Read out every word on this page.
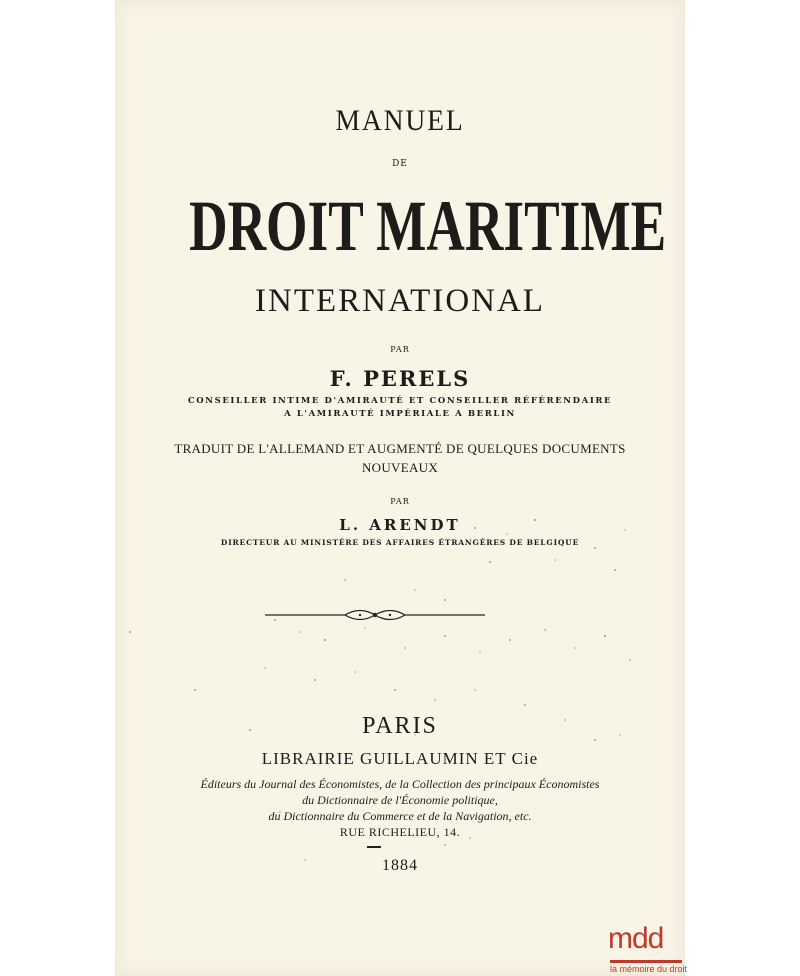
MANUEL
DE
DROIT MARITIME
INTERNATIONAL
PAR
F. PERELS
CONSEILLER INTIME D'AMIRAUTÉ ET CONSEILLER RÉFÉRENDAIRE
A L'AMIRAUTÉ IMPÉRIALE A BERLIN
TRADUIT DE L'ALLEMAND ET AUGMENTÉ DE QUELQUES DOCUMENTS
NOUVEAUX
PAR
L. ARENDT
DIRECTEUR AU MINISTÈRE DES AFFAIRES ÉTRANGÈRES DE BELGIQUE
PARIS
LIBRAIRIE GUILLAUMIN ET Cie
Éditeurs du Journal des Économistes, de la Collection des principaux Économistes
du Dictionnaire de l'Économie politique,
du Dictionnaire du Commerce et de la Navigation, etc.
RUE RICHELIEU, 14.
1884
mdd
la mémoire du droit
